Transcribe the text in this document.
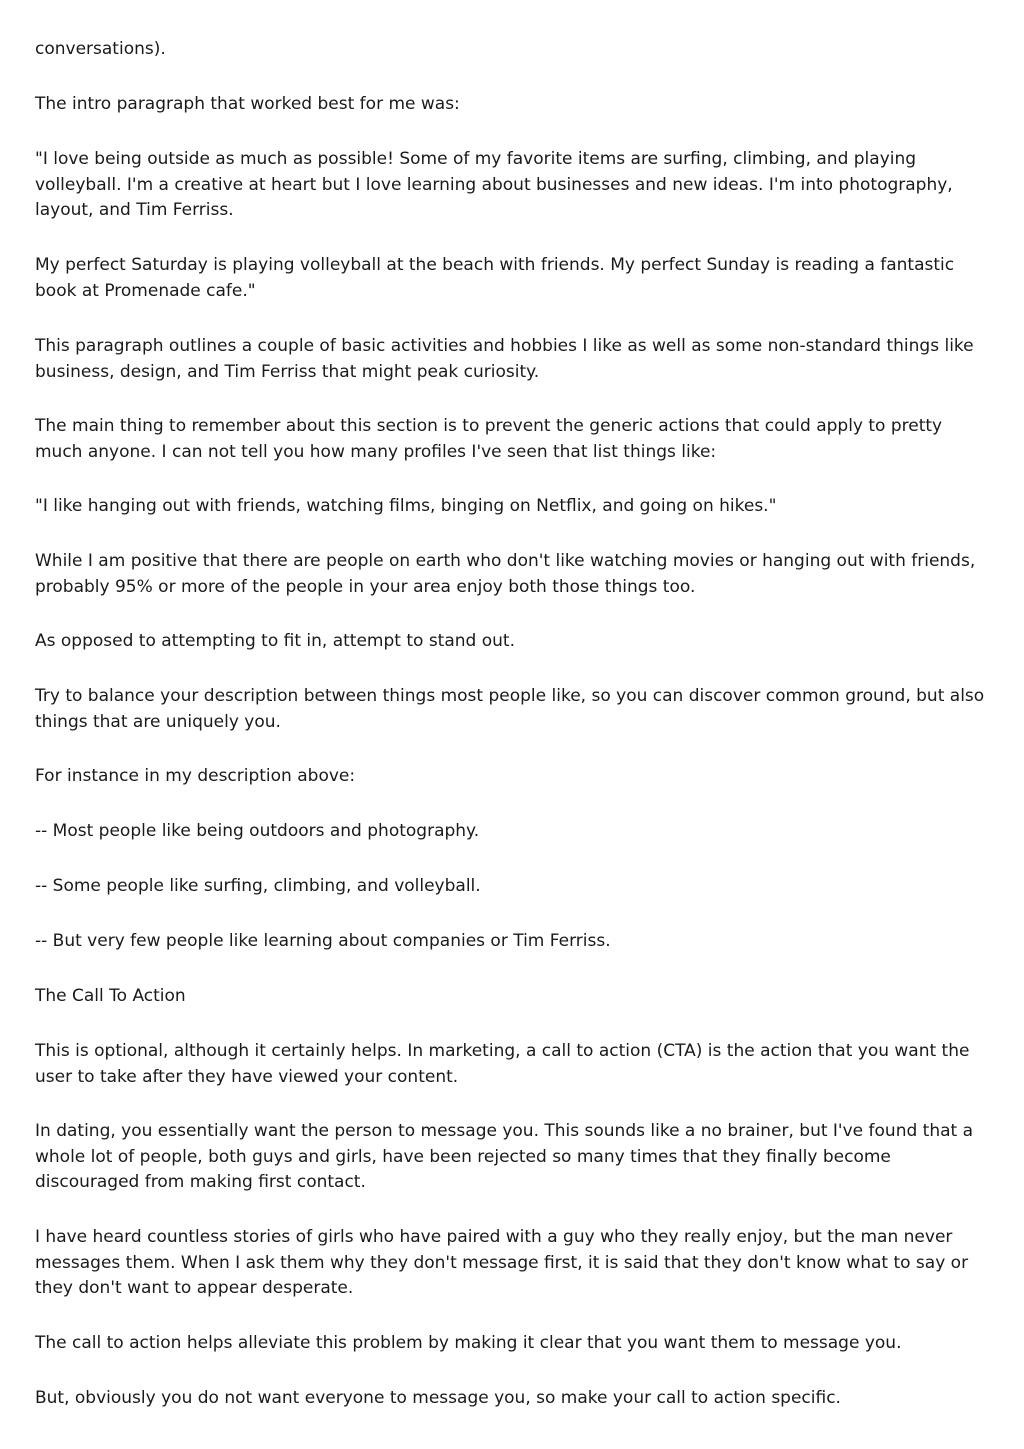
conversations).

The intro paragraph that worked best for me was:

"I love being outside as much as possible! Some of my favorite items are surfing, climbing, and playing volleyball. I'm a creative at heart but I love learning about businesses and new ideas. I'm into photography, layout, and Tim Ferriss.

My perfect Saturday is playing volleyball at the beach with friends. My perfect Sunday is reading a fantastic book at Promenade cafe."

This paragraph outlines a couple of basic activities and hobbies I like as well as some non-standard things like business, design, and Tim Ferriss that might peak curiosity.

The main thing to remember about this section is to prevent the generic actions that could apply to pretty much anyone. I can not tell you how many profiles I've seen that list things like:

"I like hanging out with friends, watching films, binging on Netflix, and going on hikes."

While I am positive that there are people on earth who don't like watching movies or hanging out with friends, probably 95% or more of the people in your area enjoy both those things too.

As opposed to attempting to fit in, attempt to stand out.

Try to balance your description between things most people like, so you can discover common ground, but also things that are uniquely you.

For instance in my description above:

-- Most people like being outdoors and photography.

-- Some people like surfing, climbing, and volleyball.

-- But very few people like learning about companies or Tim Ferriss.

The Call To Action

This is optional, although it certainly helps. In marketing, a call to action (CTA) is the action that you want the user to take after they have viewed your content.

In dating, you essentially want the person to message you. This sounds like a no brainer, but I've found that a whole lot of people, both guys and girls, have been rejected so many times that they finally become discouraged from making first contact.

I have heard countless stories of girls who have paired with a guy who they really enjoy, but the man never messages them. When I ask them why they don't message first, it is said that they don't know what to say or they don't want to appear desperate.

The call to action helps alleviate this problem by making it clear that you want them to message you.

But, obviously you do not want everyone to message you, so make your call to action specific.
